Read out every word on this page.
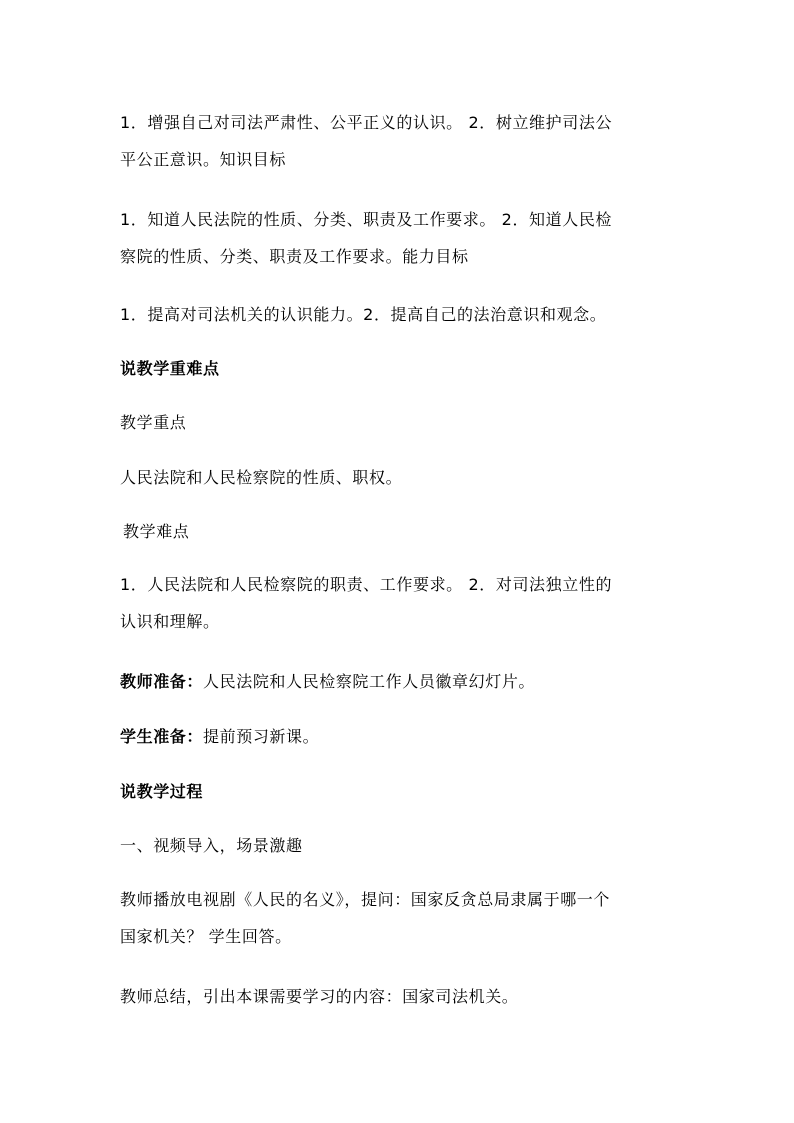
1．增强自己对司法严肃性、公平正义的认识。 2．树立维护司法公
平公正意识。知识目标

1．知道人民法院的性质、分类、职责及工作要求。 2．知道人民检
察院的性质、分类、职责及工作要求。能力目标

1．提高对司法机关的认识能力。2．提高自己的法治意识和观念。

说教学重难点

教学重点

人民法院和人民检察院的性质、职权。

教学难点

1．人民法院和人民检察院的职责、工作要求。 2．对司法独立性的
认识和理解。

教师准备：人民法院和人民检察院工作人员徽章幻灯片。

学生准备：提前预习新课。

说教学过程

一、视频导入，场景激趣

教师播放电视剧《人民的名义》，提问：国家反贪总局隶属于哪一个
国家机关？ 学生回答。

教师总结，引出本课需要学习的内容：国家司法机关。
